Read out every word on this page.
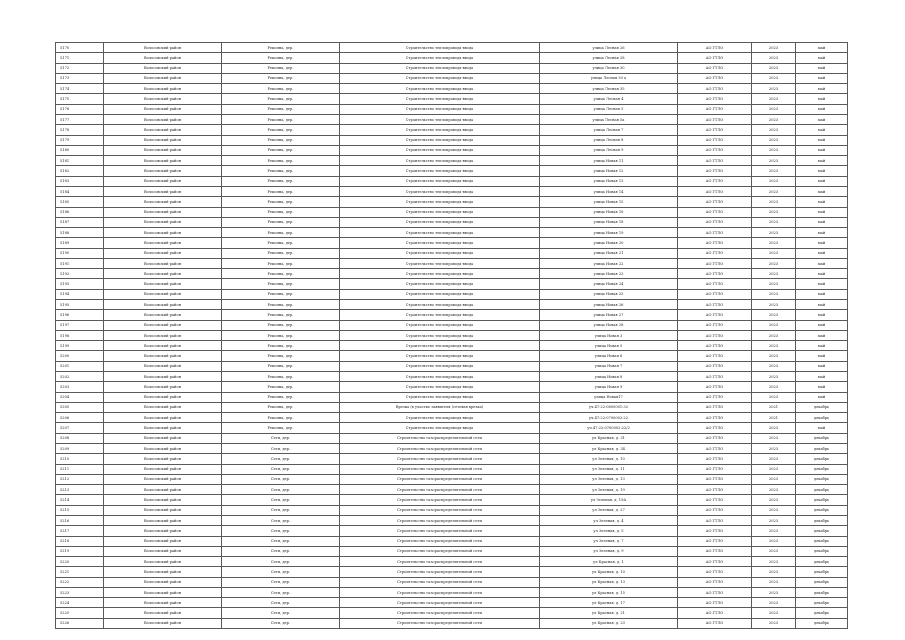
5170	Волосовский район	Рекопна, дер.	Строительство теплопровода-ввода	улица Лесная 26	АО ГТЛО	2023	май
5171	Волосовский район	Рекопна, дер.	Строительство теплопровода-ввода	улица Лесная 28	АО ГТЛО	2023	май
5172	Волосовский район	Рекопна, дер.	Строительство теплопровода-ввода	улица Лесная 30	АО ГТЛО	2023	май
5173	Волосовский район	Рекопна, дер.	Строительство теплопровода-ввода	улица Лесная 30 а	АО ГТЛО	2023	май
5174	Волосовский район	Рекопна, дер.	Строительство теплопровода-ввода	улица Лесная 35	АО ГТЛО	2023	май
5175	Волосовский район	Рекопна, дер.	Строительство теплопровода-ввода	улица Лесная 4	АО ГТЛО	2023	май
5176	Волосовский район	Рекопна, дер.	Строительство теплопровода-ввода	улица Лесная 5	АО ГТЛО	2023	май
5177	Волосовский район	Рекопна, дер.	Строительство теплопровода-ввода	улица Лесная 5а	АО ГТЛО	2023	май
5178	Волосовский район	Рекопна, дер.	Строительство теплопровода-ввода	улица Лесная 7	АО ГТЛО	2023	май
5179	Волосовский район	Рекопна, дер.	Строительство теплопровода-ввода	улица Лесная 8	АО ГТЛО	2023	май
5180	Волосовский район	Рекопна, дер.	Строительство теплопровода-ввода	улица Лесная 9	АО ГТЛО	2023	май
5181	Волосовский район	Рекопна, дер.	Строительство теплопровода-ввода	улица Новая 11	АО ГТЛО	2023	май
5182	Волосовский район	Рекопна, дер.	Строительство теплопровода-ввода	улица Новая 12	АО ГТЛО	2023	май
5183	Волосовский район	Рекопна, дер.	Строительство теплопровода-ввода	улица Новая 13	АО ГТЛО	2023	май
5184	Волосовский район	Рекопна, дер.	Строительство теплопровода-ввода	улица Новая 14	АО ГТЛО	2023	май
5185	Волосовский район	Рекопна, дер.	Строительство теплопровода-ввода	улица Новая 15	АО ГТЛО	2023	май
5186	Волосовский район	Рекопна, дер.	Строительство теплопровода-ввода	улица Новая 16	АО ГТЛО	2023	май
5187	Волосовский район	Рекопна, дер.	Строительство теплопровода-ввода	улица Новая 18	АО ГТЛО	2023	май
5188	Волосовский район	Рекопна, дер.	Строительство теплопровода-ввода	улица Новая 19	АО ГТЛО	2023	май
5189	Волосовский район	Рекопна, дер.	Строительство теплопровода-ввода	улица Новая 20	АО ГТЛО	2023	май
5190	Волосовский район	Рекопна, дер.	Строительство теплопровода-ввода	улица Новая 21	АО ГТЛО	2023	май
5191	Волосовский район	Рекопна, дер.	Строительство теплопровода-ввода	улица Новая 22	АО ГТЛО	2023	май
5192	Волосовский район	Рекопна, дер.	Строительство теплопровода-ввода	улица Новая 23	АО ГТЛО	2023	май
5193	Волосовский район	Рекопна, дер.	Строительство теплопровода-ввода	улица Новая 24	АО ГТЛО	2023	май
5194	Волосовский район	Рекопна, дер.	Строительство теплопровода-ввода	улица Новая 25	АО ГТЛО	2023	май
5195	Волосовский район	Рекопна, дер.	Строительство теплопровода-ввода	улица Новая 26	АО ГТЛО	2023	май
5196	Волосовский район	Рекопна, дер.	Строительство теплопровода-ввода	улица Новая 27	АО ГТЛО	2023	май
5197	Волосовский район	Рекопна, дер.	Строительство теплопровода-ввода	улица Новая 28	АО ГТЛО	2023	май
5198	Волосовский район	Рекопна, дер.	Строительство теплопровода-ввода	улица Новая 3	АО ГТЛО	2023	май
5199	Волосовский район	Рекопна, дер.	Строительство теплопровода-ввода	улица Новая 5	АО ГТЛО	2023	май
5200	Волосовский район	Рекопна, дер.	Строительство теплопровода-ввода	улица Новая 6	АО ГТЛО	2023	май
5201	Волосовский район	Рекопна, дер.	Строительство теплопровода-ввода	улица Новая 7	АО ГТЛО	2023	май
5202	Волосовский район	Рекопна, дер.	Строительство теплопровода-ввода	улица Новая 8	АО ГТЛО	2023	май
5203	Волосовский район	Рекопна, дер.	Строительство теплопровода-ввода	улица Новая 9	АО ГТЛО	2023	май
5204	Волосовский район	Рекопна, дер.	Строительство теплопровода-ввода	улица Новая17	АО ГТЛО	2023	май
5205	Волосовский район	Рекопна, дер.	Врезка (в участке заявителя (сетевая врезка)	уч.47:22:0805001:32	АО ГТЛО	2021	декабрь
5206	Волосовский район	Рекопна, дер.	Строительство теплопровода-ввода	уч.47:22:0700002:22	АО ГТЛО	2021	декабрь
5207	Волосовский район	Рекопна, дер.	Строительство теплопровода-ввода	уч.47:22:0700002:22/2	АО ГТЛО	2023	май
5208	Волосовский район	Сеги, дер.	Строительство газораспределительной сети	ул Красная, д. 31	АО ГТЛО	2023	декабрь
5209	Волосовский район	Сеги, дер.	Строительство газораспределительной сети	ул Красная, д. 34	АО ГТЛО	2023	декабрь
5210	Волосовский район	Сеги, дер.	Строительство газораспределительной сети	ул Зеленая, д. 10	АО ГТЛО	2023	декабрь
5211	Волосовский район	Сеги, дер.	Строительство газораспределительной сети	ул Зеленая, д. 11	АО ГТЛО	2023	декабрь
5212	Волосовский район	Сеги, дер.	Строительство газораспределительной сети	ул Зеленая, д. 13	АО ГТЛО	2023	декабрь
5213	Волосовский район	Сеги, дер.	Строительство газораспределительной сети	ул Зеленая, д. 19	АО ГТЛО	2023	декабрь
5214	Волосовский район	Сеги, дер.	Строительство газораспределительной сети	ул Зеленая, д. 19А	АО ГТЛО	2023	декабрь
5215	Волосовский район	Сеги, дер.	Строительство газораспределительной сети	ул Зеленая, д. 27	АО ГТЛО	2023	декабрь
5216	Волосовский район	Сеги, дер.	Строительство газораспределительной сети	ул Зеленая, д. 4	АО ГТЛО	2023	декабрь
5217	Волосовский район	Сеги, дер.	Строительство газораспределительной сети	ул Зеленая, д. 5	АО ГТЛО	2023	декабрь
5218	Волосовский район	Сеги, дер.	Строительство газораспределительной сети	ул Зеленая, д. 7	АО ГТЛО	2023	декабрь
5219	Волосовский район	Сеги, дер.	Строительство газораспределительной сети	ул Зеленая, д. 9	АО ГТЛО	2023	декабрь
5220	Волосовский район	Сеги, дер.	Строительство газораспределительной сети	ул Красная, д. 1	АО ГТЛО	2023	декабрь
5221	Волосовский район	Сеги, дер.	Строительство газораспределительной сети	ул Красная, д. 10	АО ГТЛО	2023	декабрь
5222	Волосовский район	Сеги, дер.	Строительство газораспределительной сети	ул Красная, д. 13	АО ГТЛО	2023	декабрь
5223	Волосовский район	Сеги, дер.	Строительство газораспределительной сети	ул Красная, д. 15	АО ГТЛО	2023	декабрь
5224	Волосовский район	Сеги, дер.	Строительство газораспределительной сети	ул Красная, д. 17	АО ГТЛО	2023	декабрь
5225	Волосовский район	Сеги, дер.	Строительство газораспределительной сети	ул Красная, д. 21	АО ГТЛО	2023	декабрь
5226	Волосовский район	Сеги, дер.	Строительство газораспределительной сети	ул Красная, д. 23	АО ГТЛО	2023	декабрь
